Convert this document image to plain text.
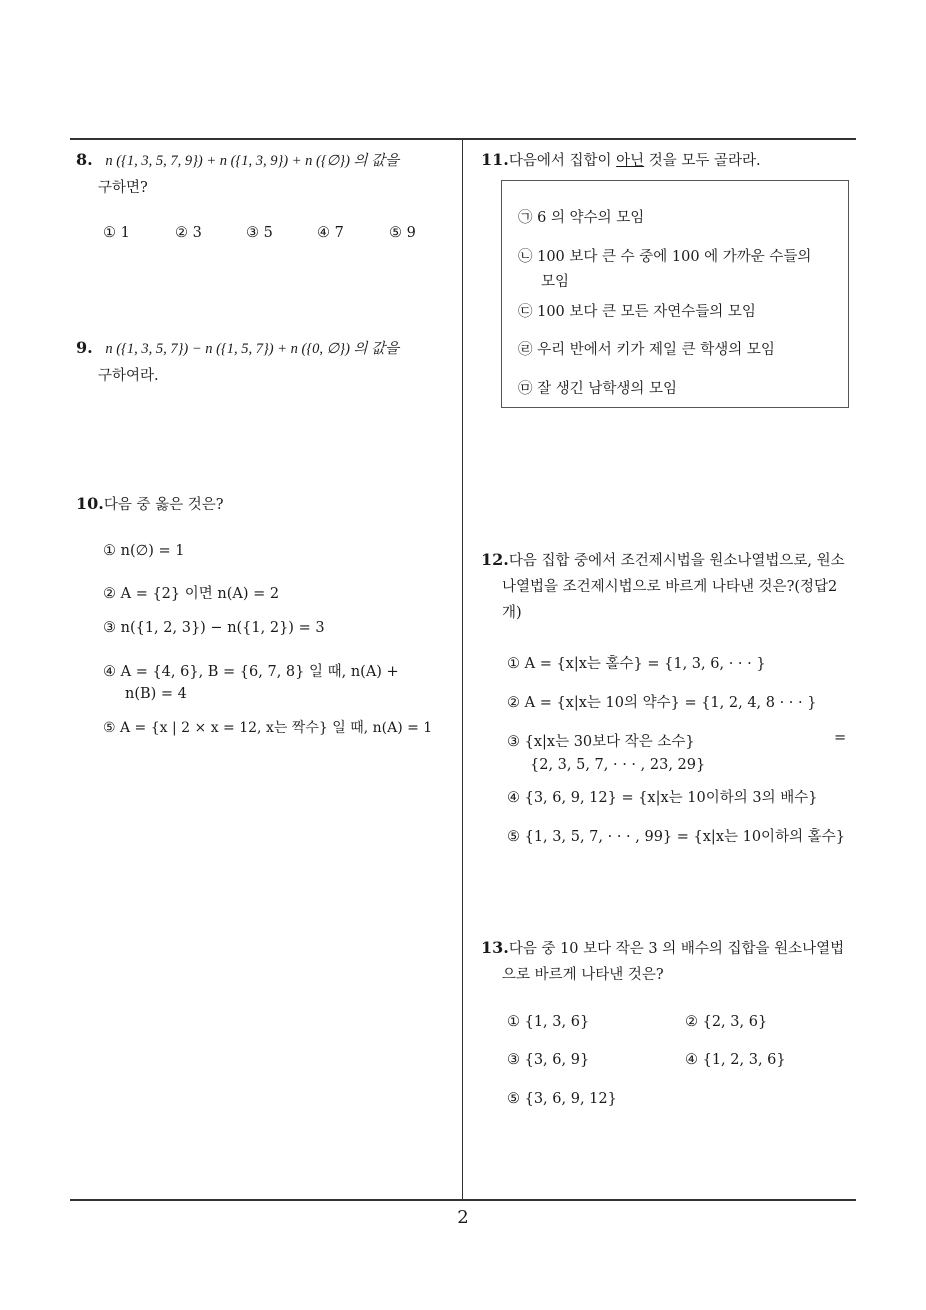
8. n ({1, 3, 5, 7, 9}) + n ({1, 3, 9}) + n ({∅}) 의 값을
구하면?
① 1	② 3	③ 5	④ 7	⑤ 9
9. n ({1, 3, 5, 7}) − n ({1, 5, 7}) + n ({0, ∅}) 의 값을
구하여라.
10.다음 중 옳은 것은?
① n(∅) = 1
② A = {2} 이면 n(A) = 2
③ n({1, 2, 3}) − n({1, 2}) = 3
④ A = {4, 6}, B = {6, 7, 8} 일 때, n(A) +
n(B) = 4
⑤ A = {x | 2 × x = 12, x는 짝수} 일 때, n(A) = 1
11.다음에서 집합이 아닌 것을 모두 골라라.
㉠ 6 의 약수의 모임
㉡ 100 보다 큰 수 중에 100 에 가까운 수들의
모임
㉢ 100 보다 큰 모든 자연수들의 모임
㉣ 우리 반에서 키가 제일 큰 학생의 모임
㉤ 잘 생긴 남학생의 모임
12.다음 집합 중에서 조건제시법을 원소나열법으로, 원소
나열법을 조건제시법으로 바르게 나타낸 것은?(정답2
개)
① A = {x|x는 홀수} = {1, 3, 6, · · · }
② A = {x|x는 10의 약수} = {1, 2, 4, 8 · · · }
③ {x|x는 30보다 작은 소수}	=
{2, 3, 5, 7, · · · , 23, 29}
④ {3, 6, 9, 12} = {x|x는 10이하의 3의 배수}
⑤ {1, 3, 5, 7, · · · , 99} = {x|x는 10이하의 홀수}
13.다음 중 10 보다 작은 3 의 배수의 집합을 원소나열법
으로 바르게 나타낸 것은?
① {1, 3, 6}	② {2, 3, 6}
③ {3, 6, 9}	④ {1, 2, 3, 6}
⑤ {3, 6, 9, 12}
2
